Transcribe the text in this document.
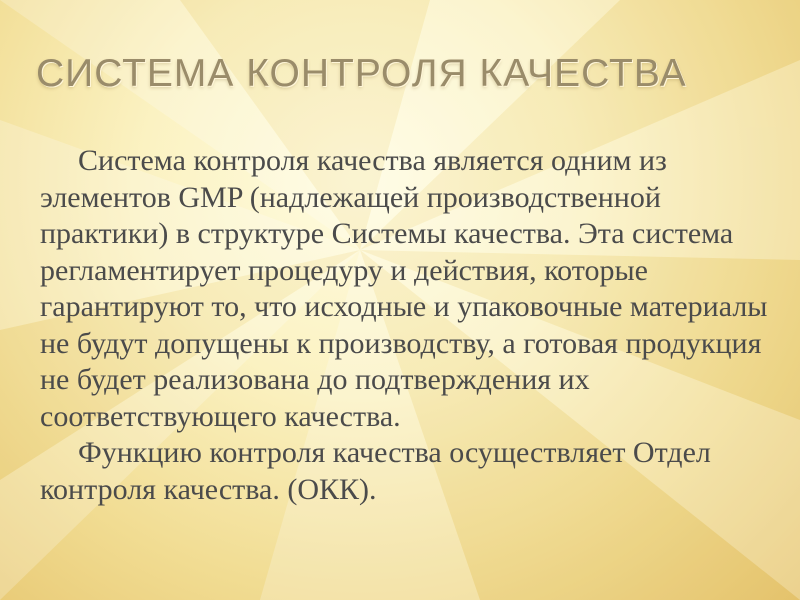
СИСТЕМА КОНТРОЛЯ КАЧЕСТВА

Система контроля качества является одним из элементов GMP (надлежащей производственной практики) в структуре Системы качества. Эта система регламентирует процедуру и действия, которые гарантируют то, что исходные и упаковочные материалы не будут допущены к производству, а готовая продукция не будет реализована до подтверждения их соответствующего качества.

Функцию контроля качества осуществляет Отдел контроля качества. (ОКК).
